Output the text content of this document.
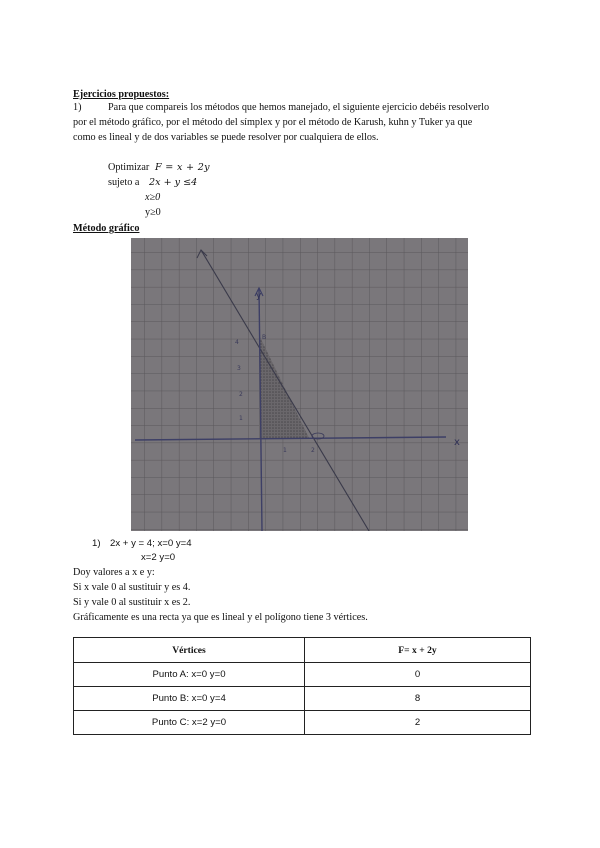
Ejercicios propuestos:
1)	Para que compareis los métodos que hemos manejado, el siguiente ejercicio debéis resolverlo
por el método gráfico, por el método del símplex y por el método de Karush, kuhn y Tuker ya que
como es lineal y de dos variables se puede resolver por cualquiera de ellos.
Optimizar F = x + 2y
sujeto a 2x + y ≤4
x≥0
y≥0
Método gráfico
x
y
4
3
2
1
1	2
B
1) 2x + y = 4; x=0 y=4
x=2 y=0
Doy valores a x e y:
Si x vale 0 al sustituir y es 4.
Si y vale 0 al sustituir x es 2.
Gráficamente es una recta ya que es lineal y el polígono tiene 3 vértices.
Vértices	F= x + 2y
Punto A: x=0 y=0	0
Punto B: x=0 y=4	8
Punto C: x=2 y=0	2
